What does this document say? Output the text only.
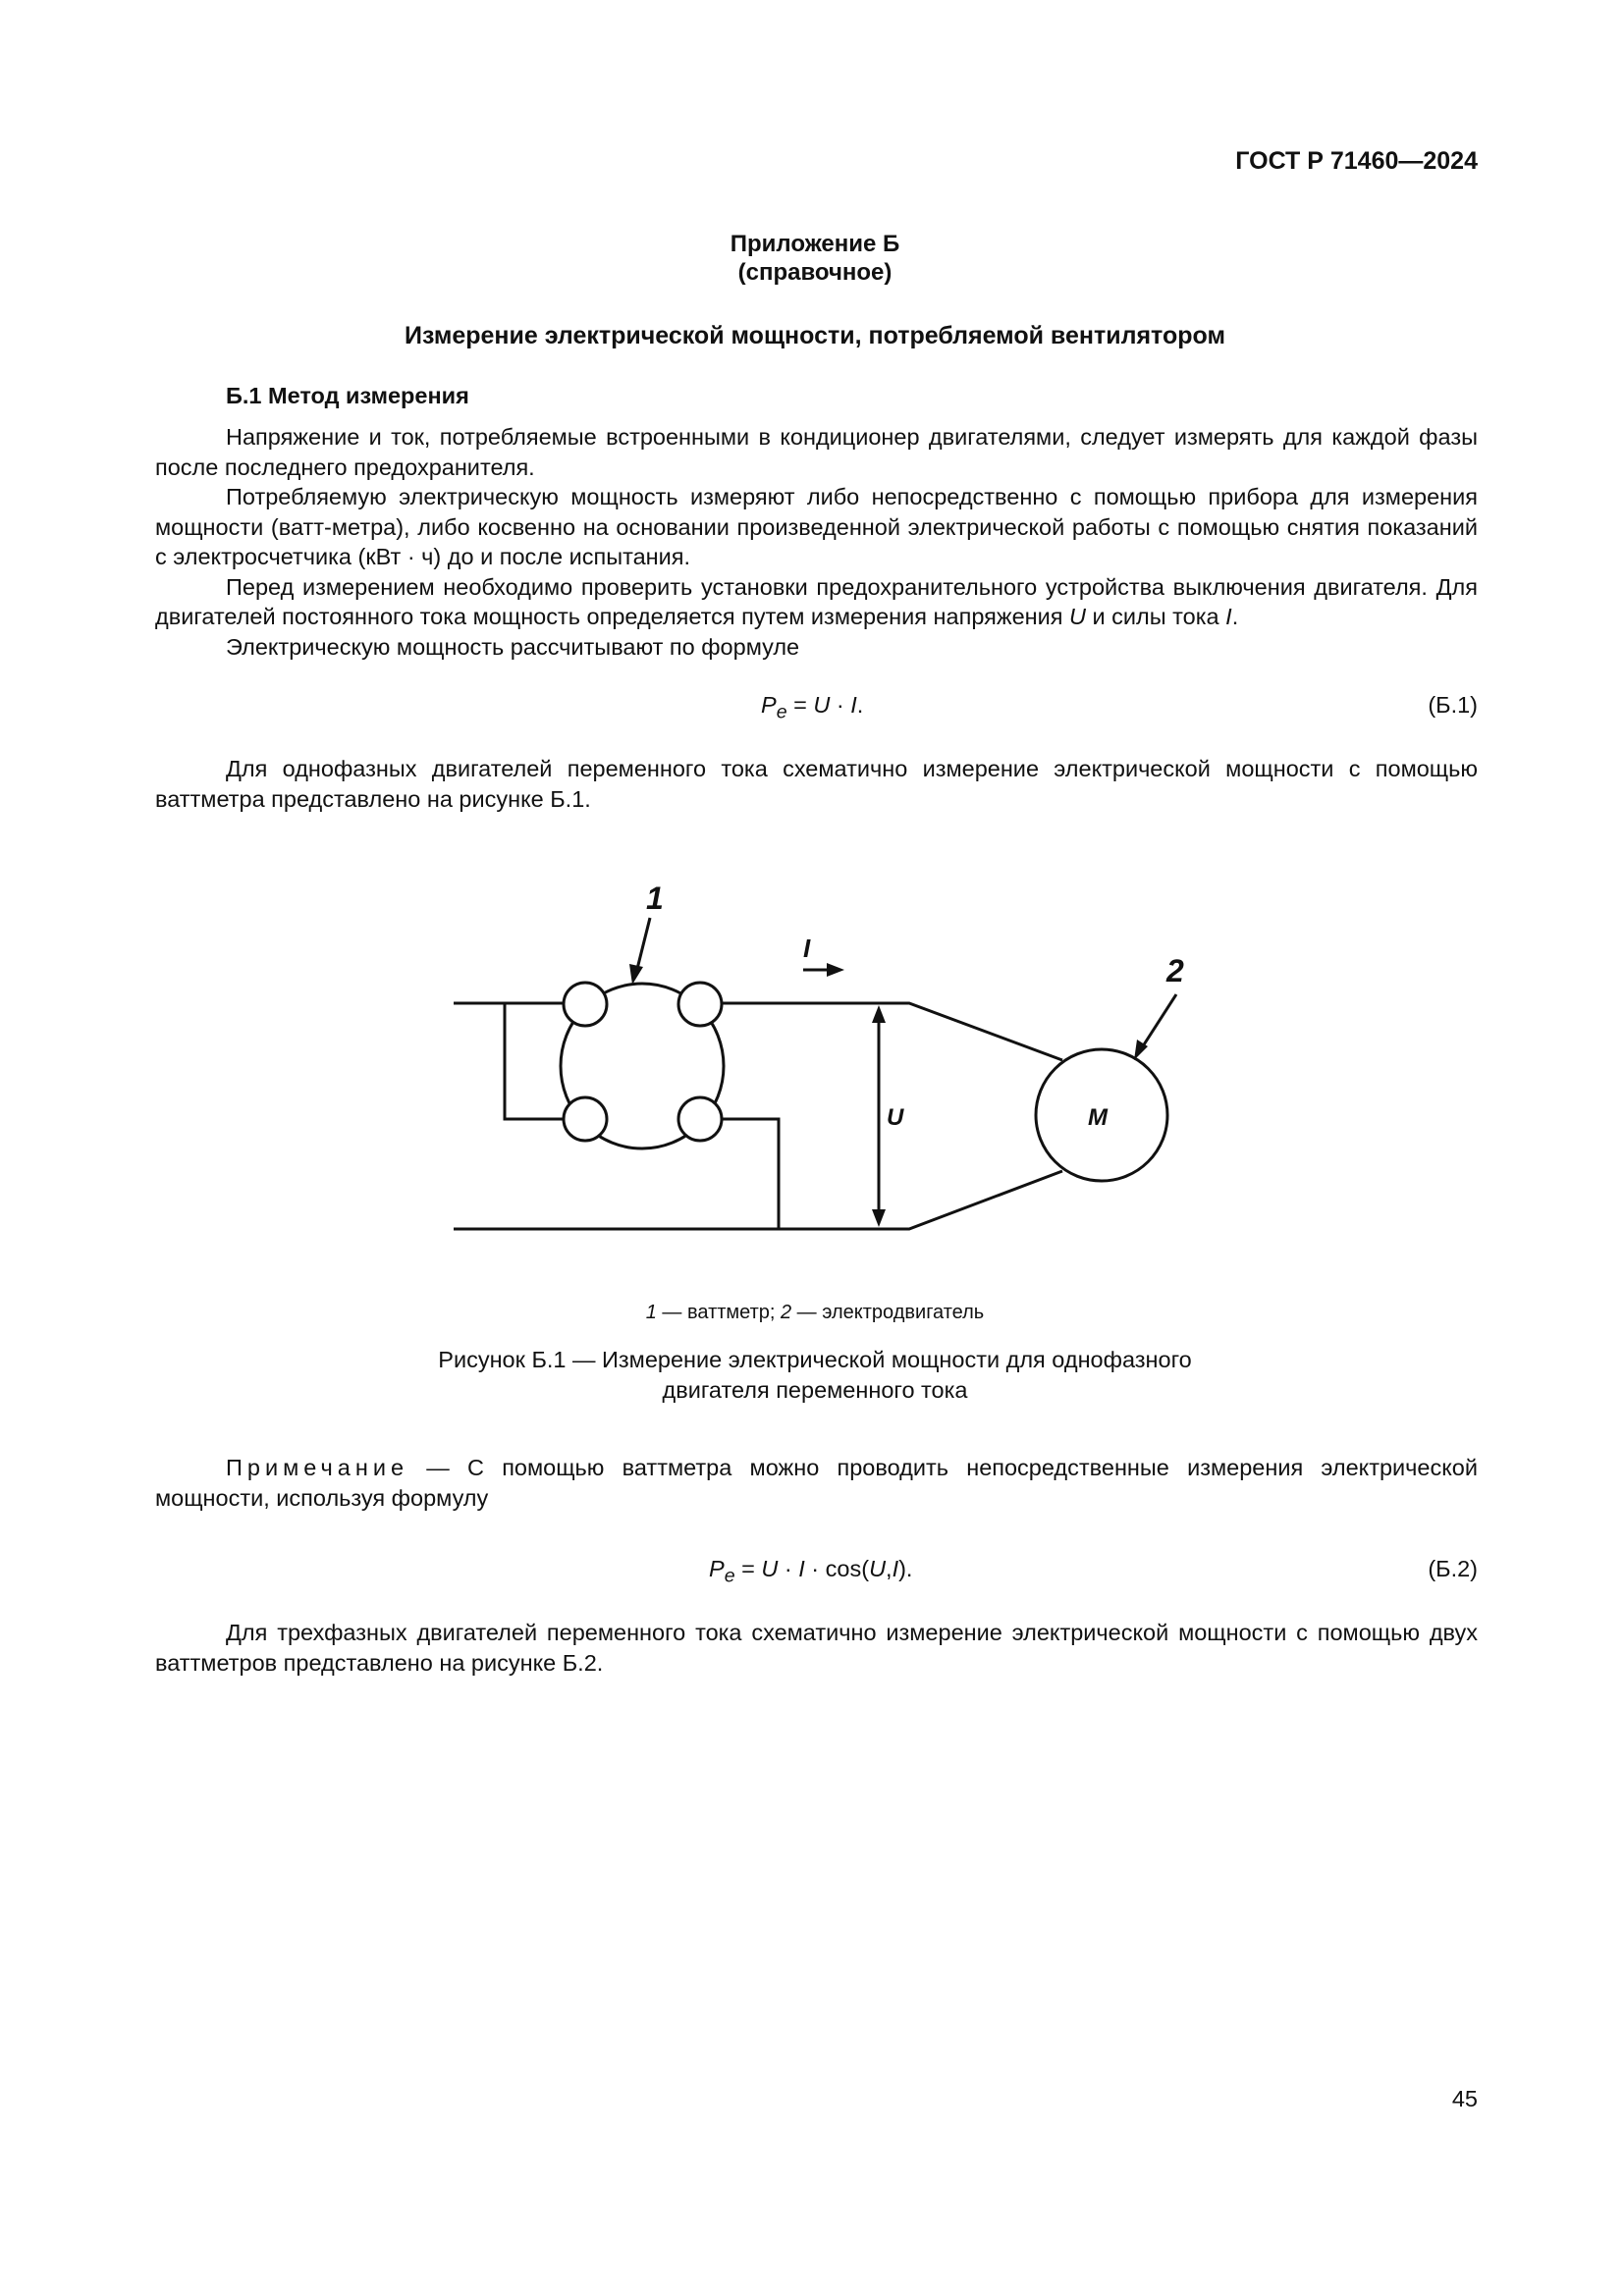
ГОСТ Р 71460—2024
Приложение Б
(справочное)
Измерение электрической мощности, потребляемой вентилятором
Б.1 Метод измерения

Напряжение и ток, потребляемые встроенными в кондиционер двигателями, следует измерять для каждой фазы после последнего предохранителя.

Потребляемую электрическую мощность измеряют либо непосредственно с помощью прибора для измерения мощности (ватт-метра), либо косвенно на основании произведенной электрической работы с помощью снятия показаний с электросчетчика (кВт · ч) до и после испытания.

Перед измерением необходимо проверить установки предохранительного устройства выключения двигателя. Для двигателей постоянного тока мощность определяется путем измерения напряжения U и силы тока I.

Электрическую мощность рассчитывают по формуле

$P_e = U \cdot I$.	(Б.1)

Для однофазных двигателей переменного тока схематично измерение электрической мощности с помощью ваттметра представлено на рисунке Б.1.

1
2
I
U	M
1 — ваттметр; 2 — электродвигатель
Рисунок Б.1 — Измерение электрической мощности для однофазного
двигателя переменного тока

Примечание — С помощью ваттметра можно проводить непосредственные измерения электрической мощности, используя формулу

$P_e = U \cdot I \cdot \cos(U,I)$.	(Б.2)

Для трехфазных двигателей переменного тока схематично измерение электрической мощности с помощью двух ваттметров представлено на рисунке Б.2.

45
